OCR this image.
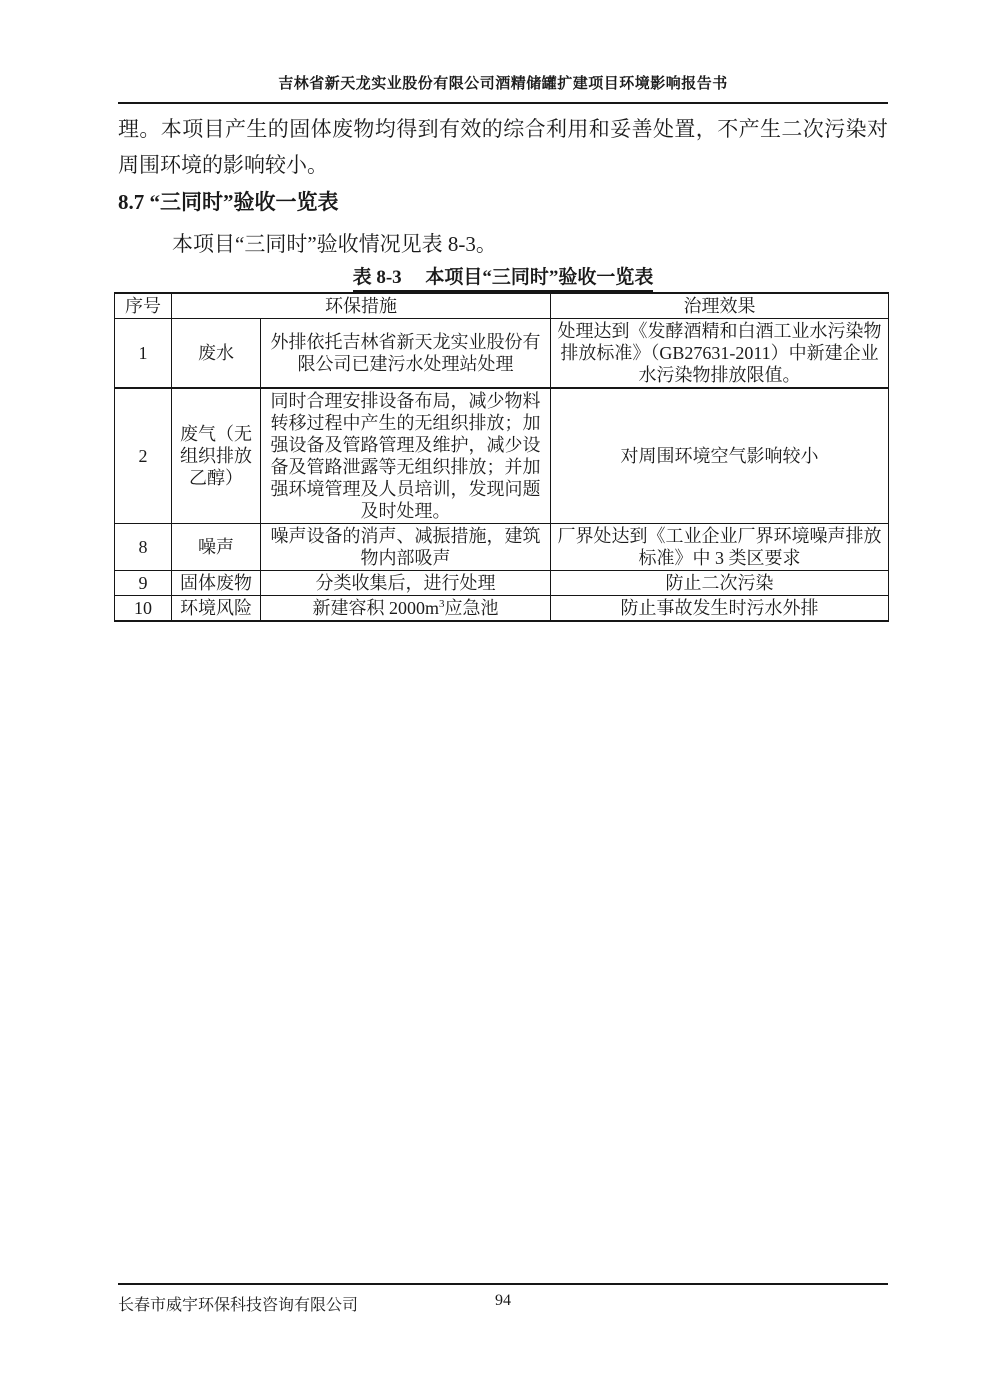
吉林省新天龙实业股份有限公司酒精储罐扩建项目环境影响报告书

理。本项目产生的固体废物均得到有效的综合利用和妥善处置，不产生二次污染对周围环境的影响较小。

8.7 “三同时”验收一览表

本项目“三同时”验收情况见表 8-3。

表 8-3　 本项目“三同时”验收一览表
序号	环保措施		治理效果
1	废水	外排依托吉林省新天龙实业股份有限公司已建污水处理站处理	处理达到《发酵酒精和白酒工业水污染物排放标准》（GB27631-2011）中新建企业水污染物排放限值。
2	废气（无组织排放乙醇）	同时合理安排设备布局，减少物料转移过程中产生的无组织排放；加强设备及管路管理及维护，减少设备及管路泄露等无组织排放；并加强环境管理及人员培训，发现问题及时处理。	对周围环境空气影响较小
8	噪声	噪声设备的消声、减振措施，建筑物内部吸声	厂界处达到《工业企业厂界环境噪声排放标准》中 3 类区要求
9	固体废物	分类收集后，进行处理	防止二次污染
10	环境风险	新建容积 $2000m^3$应急池	防止事故发生时污水外排
长春市威宇环保科技咨询有限公司	94
